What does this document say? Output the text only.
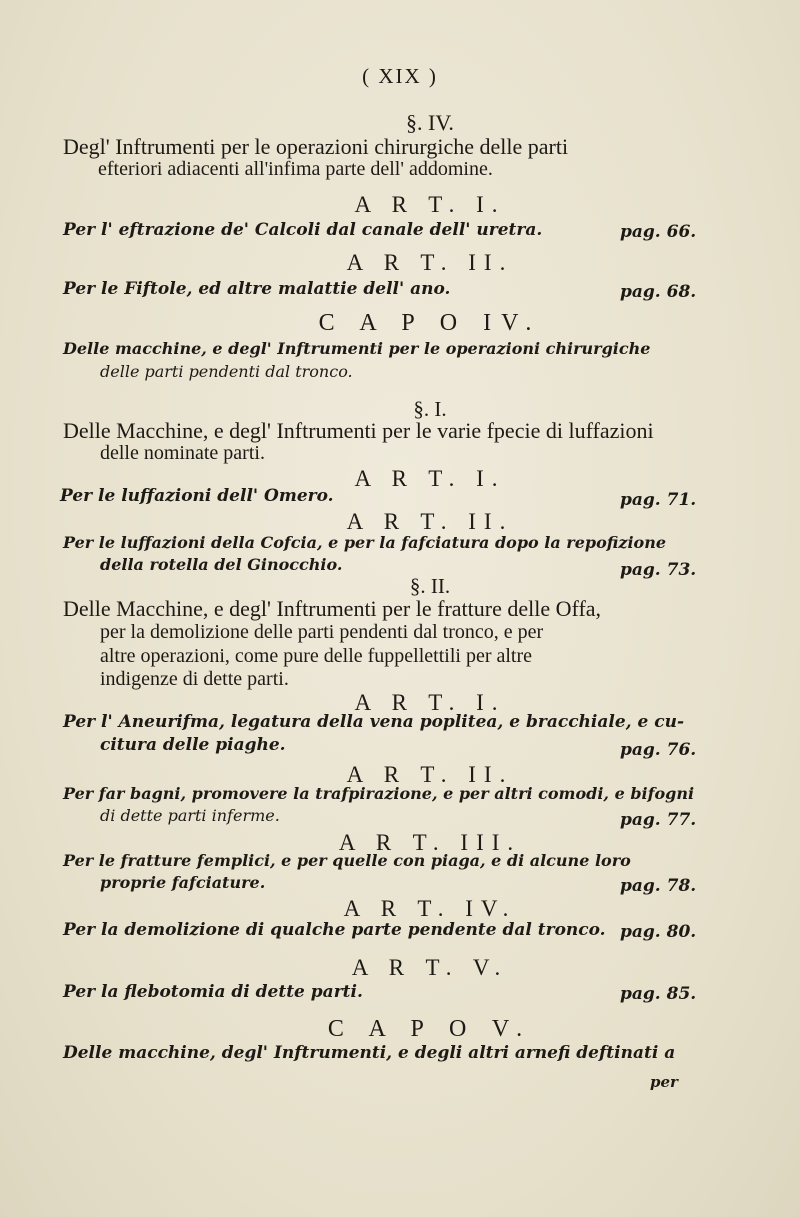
( XIX )
§. IV.
Degl' Inftrumenti per le operazioni chirurgiche delle parti
efteriori adiacenti all'infima parte dell' addomine.
A R T. I.
Per l' eftrazione de' Calcoli dal canale dell' uretra.	pag. 66.
A R T. II.
Per le Fiftole, ed altre malattie dell' ano.	pag. 68.
C A P O IV.
Delle macchine, e degl' Inftrumenti per le operazioni chirurgiche
delle parti pendenti dal tronco.
§. I.
Delle Macchine, e degl' Inftrumenti per le varie fpecie di luffazioni
delle nominate parti.
A R T. I.
Per le luffazioni dell' Omero.	pag. 71.
A R T. II.
Per le luffazioni della Cofcia, e per la fafciatura dopo la repofizione
della rotella del Ginocchio.	pag. 73.
§. II.
Delle Macchine, e degl' Inftrumenti per le fratture delle Offa,
per la demolizione delle parti pendenti dal tronco, e per
altre operazioni, come pure delle fuppellettili per altre
indigenze di dette parti.
A R T. I.
Per l' Aneurifma, legatura della vena poplitea, e bracchiale, e cu-
citura delle piaghe.	pag. 76.
A R T. II.
Per far bagni, promovere la trafpirazione, e per altri comodi, e bifogni
di dette parti inferme.	pag. 77.
A R T. III.
Per le fratture femplici, e per quelle con piaga, e di alcune loro
proprie fafciature.	pag. 78.
A R T. IV.
Per la demolizione di qualche parte pendente dal tronco. pag. 80.
A R T. V.
Per la flebotomia di dette parti.	pag. 85.
C A P O V.
Delle macchine, degl' Inftrumenti, e degli altri arnefi deftinati a
per
